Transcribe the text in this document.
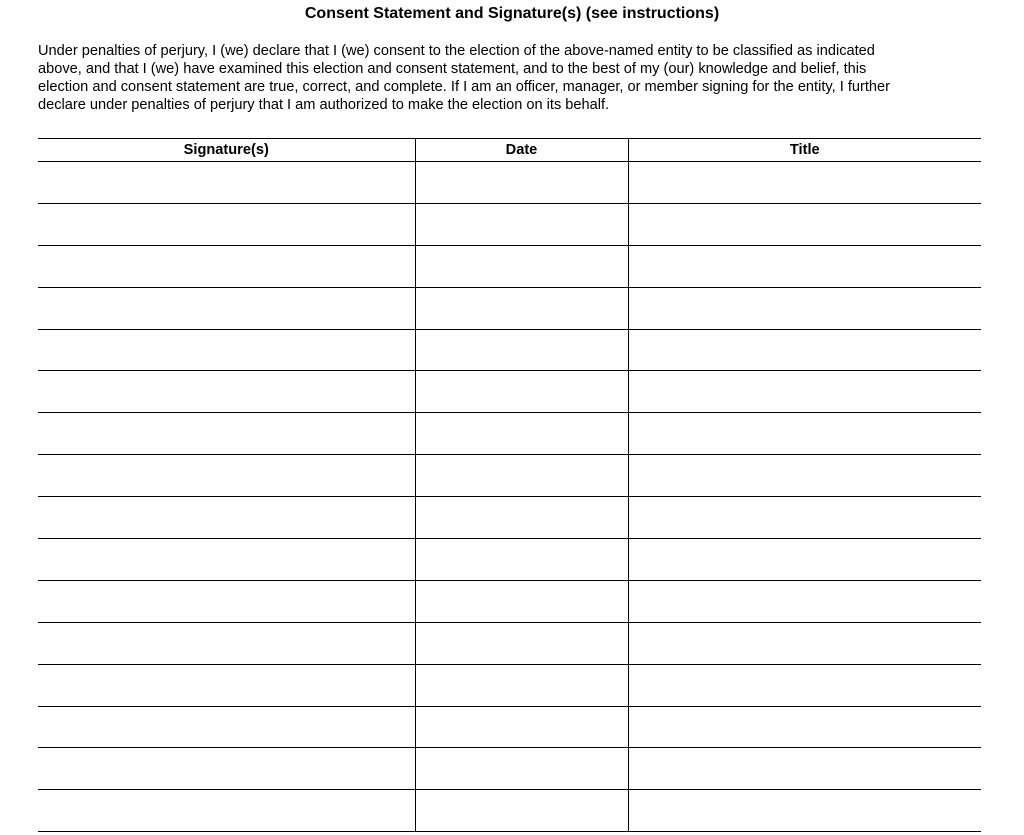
Consent Statement and Signature(s) (see instructions)
Under penalties of perjury, I (we) declare that I (we) consent to the election of the above-named entity to be classified as indicated
above, and that I (we) have examined this election and consent statement, and to the best of my (our) knowledge and belief, this
election and consent statement are true, correct, and complete. If I am an officer, manager, or member signing for the entity, I further
declare under penalties of perjury that I am authorized to make the election on its behalf.
Signature(s)	Date	Title
